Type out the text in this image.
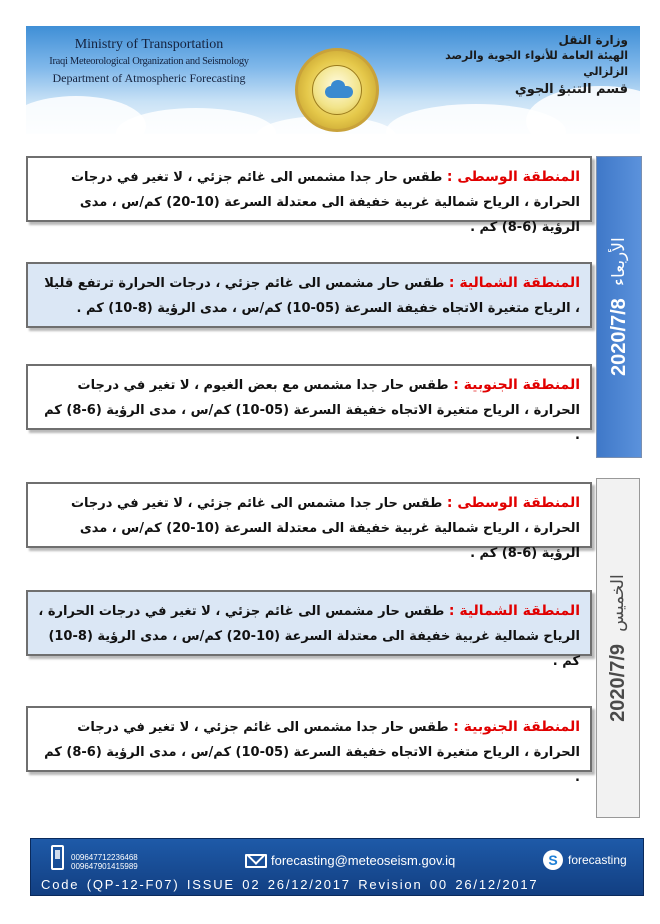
Ministry of Transportation
Iraqi Meteorological Organization and Seismology
Department of Atmospheric Forecasting
وزارة النقل
الهيئة العامة للأنواء الجوية والرصد الزلزالي
قسم التنبؤ الجوي
2020/7/8 الأربعاء
المنطقة الوسطى : طقس حار جدا مشمس الى غائم جزئي ، لا تغير في درجات الحرارة ، الرياح شمالية غربية خفيفة الى معتدلة السرعة (10-20) كم/س ، مدى الرؤية (6-8) كم .
المنطقة الشمالية : طقس حار مشمس الى غائم جزئي ، درجات الحرارة ترتفع قليلا ، الرياح متغيرة الاتجاه خفيفة السرعة (05-10) كم/س ، مدى الرؤية (8-10) كم .
المنطقة الجنوبية : طقس حار جدا مشمس مع بعض الغيوم ، لا تغير في درجات الحرارة ، الرياح متغيرة الاتجاه خفيفة السرعة (05-10) كم/س ، مدى الرؤية (6-8) كم .
2020/7/9 الخميس
المنطقة الوسطى : طقس حار جدا مشمس الى غائم جزئي ، لا تغير في درجات الحرارة ، الرياح شمالية غربية خفيفة الى معتدلة السرعة (10-20) كم/س ، مدى الرؤية (6-8) كم .
المنطقة الشمالية : طقس حار مشمس الى غائم جزئي ، لا تغير في درجات الحرارة ، الرياح شمالية غربية خفيفة الى معتدلة السرعة (10-20) كم/س ، مدى الرؤية (8-10) كم .
المنطقة الجنوبية : طقس حار جدا مشمس الى غائم جزئي ، لا تغير في درجات الحرارة ، الرياح متغيرة الاتجاه خفيفة السرعة (05-10) كم/س ، مدى الرؤية (6-8) كم .
009647712236468
009647901415989	forecasting@meteoseism.gov.iq	S forecasting
Code (QP-12-F07) ISSUE 02 26/12/2017 Revision 00 26/12/2017
